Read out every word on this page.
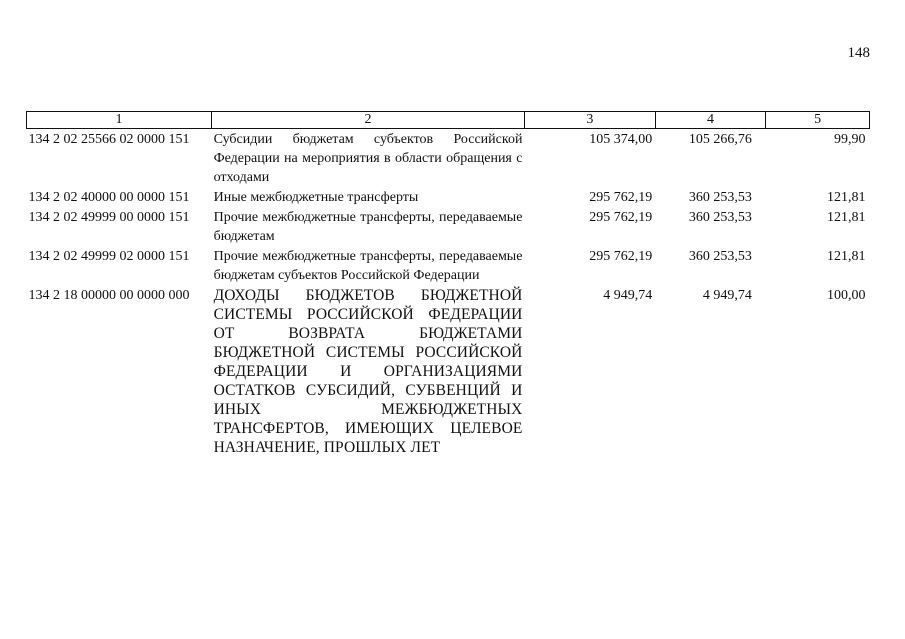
148
1	2	3	4	5
134 2 02 25566 02 0000 151	Субсидии бюджетам субъектов Российской Федерации на мероприятия в области обращения с отходами	105 374,00	105 266,76	99,90
134 2 02 40000 00 0000 151	Иные межбюджетные трансферты	295 762,19	360 253,53	121,81
134 2 02 49999 00 0000 151	Прочие межбюджетные трансферты, передаваемые бюджетам	295 762,19	360 253,53	121,81
134 2 02 49999 02 0000 151	Прочие межбюджетные трансферты, передаваемые бюджетам субъектов Российской Федерации	295 762,19	360 253,53	121,81
134 2 18 00000 00 0000 000	ДОХОДЫ БЮДЖЕТОВ БЮДЖЕТНОЙ СИСТЕМЫ РОССИЙСКОЙ ФЕДЕРАЦИИ ОТ ВОЗВРАТА БЮДЖЕТАМИ БЮДЖЕТНОЙ СИСТЕМЫ РОССИЙСКОЙ ФЕДЕРАЦИИ И ОРГАНИЗАЦИЯМИ ОСТАТКОВ СУБСИДИЙ, СУБВЕНЦИЙ И ИНЫХ МЕЖБЮДЖЕТНЫХ ТРАНСФЕРТОВ, ИМЕЮЩИХ ЦЕЛЕВОЕ НАЗНАЧЕНИЕ, ПРОШЛЫХ ЛЕТ	4 949,74	4 949,74	100,00
